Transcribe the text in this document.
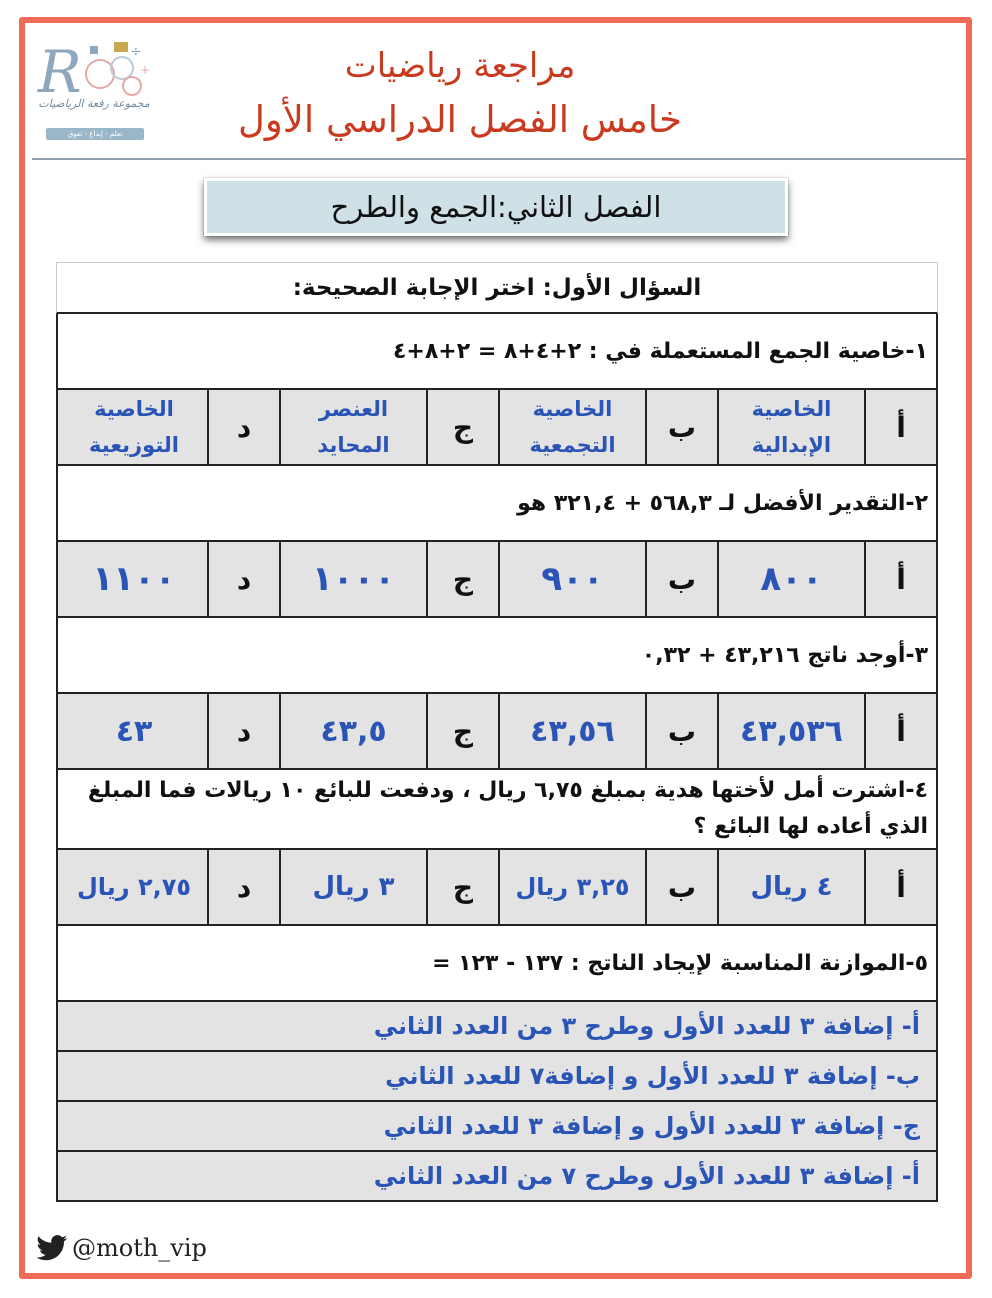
R	÷
+
مجموعة رفعة الرياضيات
تعلم - إبداع - تفوق
مراجعة رياضيات
خامس الفصل الدراسي الأول
الفصل الثاني:الجمع والطرح
السؤال الأول: اختر الإجابة الصحيحة:
١-خاصية الجمع المستعملة في : ٢+٤+٨ = ٢+٨+٤
أ
الخاصية الإبدالية
ب
الخاصية التجمعية
ج
العنصر المحايد
د
الخاصية التوزيعية
٢-التقدير الأفضل لـ ٥٦٨,٣ + ٣٢١,٤ هو
أ
٨٠٠
ب
٩٠٠
ج
١٠٠٠
د
١١٠٠
٣-أوجد ناتج ٤٣,٢١٦ + ٠,٣٢
أ
٤٣,٥٣٦
ب
٤٣,٥٦
ج
٤٣,٥
د
٤٣
٤-اشترت أمل لأختها هدية بمبلغ ٦,٧٥ ريال ، ودفعت للبائع ١٠ ريالات فما المبلغ الذي أعاده لها البائع ؟
أ
٤ ريال
ب
٣,٢٥ ريال
ج
٣ ريال
د
٢,٧٥ ريال
٥-الموازنة المناسبة لإيجاد الناتج : ١٣٧ - ١٢٣ =
أ- إضافة ٣ للعدد الأول وطرح ٣ من العدد الثاني
ب- إضافة ٣ للعدد الأول و إضافة٧ للعدد الثاني
ج- إضافة ٣ للعدد الأول و إضافة ٣ للعدد الثاني
أ- إضافة ٣ للعدد الأول وطرح ٧ من العدد الثاني
@moth_vip
